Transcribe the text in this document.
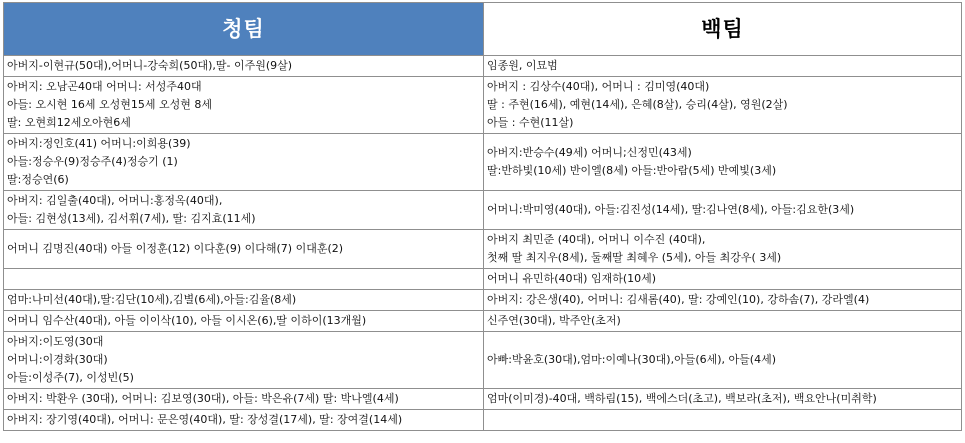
청팀	백팀

아버지-이현규(50대),어머니-강숙희(50대),딸- 이주원(9살)	임종원, 이묘범

아버지: 오남곤40대 어머니: 서성주40대
아들: 오시현 16세 오성현15세 오성현 8세
딸: 오현희12세오아현6세	아버지 : 김상수(40대), 어머니 : 김미영(40대)
딸 : 주현(16세), 예현(14세), 은혜(8살), 승리(4살), 영원(2살)
아들 : 수현(11살)

아버지:정인호(41) 어머니:이희용(39)
아들:정승우(9)정승주(4)정승기 (1)
딸:정승연(6)	아버지:반승수(49세) 어머니;신정민(43세)
딸:반하빛(10세) 반이엘(8세) 아들:반아람(5세) 반예빛(3세)

아버지: 김일출(40대), 어머니:홍정옥(40대),
아들: 김현성(13세), 김서휘(7세), 딸: 김지효(11세)	어머니:박미영(40대), 아들:김진성(14세), 딸:김나연(8세), 아들:김요한(3세)

어머니 김명진(40대) 아들 이정훈(12) 이다훈(9) 이다해(7) 이대훈(2)	아버지 최민준 (40대), 어머니 이수진 (40대),
첫째 딸 최지우(8세), 둘째딸 최혜우 (5세), 아들 최강우( 3세)

	어머니 유민하(40대) 임재하(10세)

엄마:나미선(40대),딸:김단(10세),김별(6세),아들:김율(8세)	아버지: 강은생(40), 어머니: 김새롬(40), 딸: 강예인(10), 강하솜(7), 강라엘(4)

어머니 임수산(40대), 아들 이이삭(10), 아들 이시온(6),딸 이하이(13개월)	신주연(30대), 박주안(초저)

아버지:이도영(30대
어머니:이경화(30대)
아들:이성주(7), 이성빈(5)	아빠:박윤호(30대),엄마:이예나(30대),아들(6세), 아들(4세)

아버지: 박환우 (30대), 어머니: 김보영(30대), 아들: 박은유(7세) 딸: 박나엘(4세)	엄마(이미경)-40대, 백하림(15), 백에스더(초고), 백보라(초저), 백요안나(미취학)

아버지: 장기영(40대), 어머니: 문은영(40대), 딸: 장성결(17세), 딸: 장여결(14세)	
